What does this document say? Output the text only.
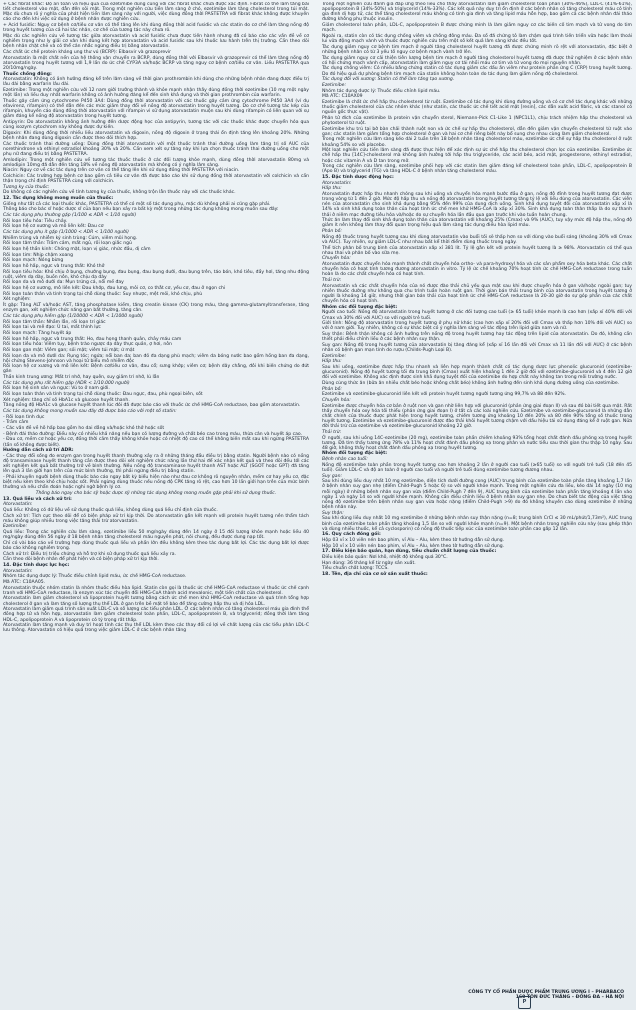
+ Các fibrat khác: Độ an toàn và hiệu quả của ezetimibe dùng cùng với các fibrat khác chưa được xác định. Fibrat có thể làm tăng bài tiết cholesterol vào mật, dẫn đến sỏi mật. Trong một nghiên cứu tiền lâm sàng ở chó, ezetimibe làm tăng cholesterol trong túi mật. Mặc dù chưa rõ ý nghĩa của phát hiện tiền lâm sàng này với người, việc dùng đồng thời PASTETRA với fibrat khác không được khuyến cáo cho đến khi việc sử dụng ở bệnh nhân được nghiên cứu.

+ Acid fusidic: Nguy cơ bệnh cơ/tiêu cơ vân có thể tăng lên khi dùng đồng thời acid fusidic và các statin do cơ chế làm tăng nồng độ trong huyết tương của cả hai tác nhân, cơ chế của tương tác này chưa rõ.

Mặc dù các nghiên cứu về tương tác giữa atorvastatin và acid fusidic chưa được tiến hành nhưng đã có báo cáo các vấn đề về cơ nghiêm trọng như ly giải cơ vân khi dùng kết hợp atorvastatin và acid fusidic sau khi thuốc lưu hành trên thị trường. Cần theo dõi bệnh nhân chặt chẽ và có thể cân nhắc ngừng điều trị bằng atorvastatin.

Các chất ức chế protein kháng ung thư vú (BCRP): Elbasvir và grazoprevir

Atorvastatin là một chất nền của hệ thống vận chuyển ra BCRP, dùng đồng thời với Elbasvir và grazoprevir có thể làm tăng nồng độ atorvastatin trong huyết tương với 1,9 lần do ức chế CYP3A và/hoặc BCRP và tăng nguy cơ bệnh cơ/tiêu cơ vân. Liều PASTETRA qua 20/10mg/ngày.

Thuốc chống đông:

Atorvastatin: Không có ảnh hưởng đáng kể trên lâm sàng về thời gian prothrombin khi dùng cho những bệnh nhân đang được điều trị lâu dài bằng warfarin lâu dài.

Ezetimibe: Trong một nghiên cứu với 12 nam giới trưởng thành và khỏe mạnh nhận thấy dùng đồng thời ezetimibe (10 mg một ngày một lần) và liều duy nhất warfarin không có ảnh hưởng đáng kể đến sinh khả dụng và thời gian prothrombin của warfarin.

Thuốc gây cảm ứng cytochrome P450 3A4: Dùng đồng thời atorvastatin với các thuốc gây cảm ứng cytochrome P450 3A4 (ví dụ efavirenz, rifampin) có thể dẫn đến các mức giảm thay đổi về nồng độ atorvastatin trong huyết tương. Do cơ chế tương tác kép của rifampin, khuyến cáo dùng đồng thời atorvastatin với rifampin vì sử dụng atorvastatin muộn sau khi dùng rifampin có liên quan với sự giảm đáng kể nồng độ atorvastatin trong huyết tương.

Antipyrin: Do atorvastatin không ảnh hưởng đến dược động học của antipyrin, tương tác với các thuốc khác được chuyển hóa qua cùng isozym cytochrom này không được dự kiến.

Digoxin: Khi dùng đồng thời nhiều liều atorvastatin và digoxin, nồng độ digoxin ở trạng thái ổn định tăng lên khoảng 20%. Những bệnh nhân đang dùng digoxin cần được theo dõi thích hợp.

Các thuốc tránh thai đường uống: Dùng đồng thời atorvastatin với một thuốc tránh thai đường uống làm tăng trị số AUC của norethindrone và ethinyl estradiol khoảng 30% và 20%. Cần xem xét sự tăng này khi lựa chọn thuốc tránh thai đường uống cho một phụ nữ đang điều trị bằng PASTETRA.

Amlodipin: Trong một nghiên cứu về tương tác thuốc thuốc ở các đối tượng khỏe mạnh, dùng đồng thời atorvastatin 80mg và amlodipin 10mg đã dẫn đến tăng 18% về nồng độ atorvastatin mà không có ý nghĩa lâm sàng.

Niacin: Nguy cơ về các tác dụng trên cơ vân có thể tăng lên khi sử dụng đồng thời PASTETRA với niacin.

Colchicin: Các trường hợp bệnh cơ bao gồm cả tiêu cơ vân đã được báo cáo khi sử dụng đồng thời atorvastatin với colchicin và cần thận trọng chỉ định PASTETRA cùng với colchicin.

Tương kỵ của thuốc:

Do không có các nghiên cứu về tính tương kỵ của thuốc, không trộn lẫn thuốc này với các thuốc khác.

12. Tác dụng không mong muốn của thuốc:

Giống như tất cả các loại thuốc khác, PASTETRA có thể có một số tác dụng phụ, mặc dù không phải ai cũng gặp phải.

Thông báo cho bác sĩ hoặc dược sĩ của bạn nếu bạn xảy ra bất kỳ một trong những tác dụng không mong muốn sau đây:

Các tác dụng phụ thường gặp (1/100 ≤ ADR < 1/10 người)

Rối loạn tiêu hóa: Tiêu chảy.

Rối loạn hệ cơ xương và mô liên kết: Đau cơ

Các tác dụng phụ ít gặp (1/1000 < ADR < 1/100 người)

Nhiễm trùng và nhiễm ký sinh trùng: Cúm, viêm mũi họng.

Rối loạn tâm thần: Trầm cảm, mất ngủ, rối loạn giấc ngủ

Rối loạn hệ thần kinh: Chóng mặt, loạn vị giác, nhức đầu, dị cảm

Rối loạn tim: Nhịp chậm xoang

Rối loạn mạch: Nóng bừng

Rối loạn hô hấp, ngực và trung thất: Khó thở

Rối loạn tiêu hóa: Khó chịu ở bụng, chướng bụng, đau bụng, đau bụng dưới, đau bụng trên, táo bón, khó tiêu, đầy hơi, tăng nhu động ruột, viêm dạ dày, buồn nôn, khó chịu dạ dày

Rối loạn da và mô dưới da: Mụn trứng cá, nổi mề đay

Rối loạn hệ cơ xương, mô liên kết: Đau khớp, đau lưng, mỏi cơ, co thắt cơ, yếu cơ, đau ở ngọn chi

Rối loạn toàn thân và tình trạng tại chỗ dùng thuốc: Suy nhược, mệt mỏi, khó chịu, phù

Xét nghiệm:

Ít gặp: Tăng ALT và/hoặc AST, tăng phosphatase kiềm, tăng creatin kinase (CK) trong máu, tăng gamma-glutamyltransferase, tăng enzym gan, xét nghiệm chức năng gan bất thường, tăng cân.

Các tác dụng phụ hiếm gặp (1/10000 < ADR < 1/1000 người)

Rối loạn tâm thần: Nhầm lẫn, rối loạn trí giác

Rối loạn tai và mê đạo: Ù tai, mất thính lực

Rối loạn mạch: Tăng huyết áp

Rối loạn hô hấp, ngực và trung thất: Ho, đau họng thanh quản, chảy máu cam

Rối loạn tiêu hóa: Viêm tụy, bệnh trào ngược dạ dày thực quản, ợ hơi, nôn

Rối loạn gan mật: Viêm gan; sỏi mật; viêm túi mật; ứ mật

Rối loạn da và mô dưới da: Rụng tóc; ngứa; nổi ban da; ban đỏ đa dạng phù mạch; viêm da bóng nước bao gồm hồng ban đa dạng, hội chứng Stevens-Johnson và hoại tử biểu mô nhiễm độc

Rối loạn hệ cơ xương và mô liên kết: Bệnh cơ/tiêu cơ vân, đau cổ; sưng khớp; viêm cơ; bệnh dây chằng, đôi khi biến chứng do đứt gân

Thần kinh trung ương: Mất trí nhớ, hay quên, suy giảm trí nhớ, lú lẫn

Các tác dụng phụ rất hiếm gặp (ADR < 1/10.000 người)

Rối loạn hệ sinh sản và ngực: Vú to ở nam giới.

Rối loạn toàn thân và tình trạng tại chỗ dùng thuốc: Đau ngực, đau, phù ngoại biên, sốt

Xét nghiệm: tăng chỉ số HbA1c và glucose huyết thanh.

Tăng nồng độ HbA1c và glucose huyết thanh lúc đói đã được báo cáo với thuốc ức chế HMG-CoA reductase, bao gồm atorvastatin.

Các tác dụng không mong muốn sau đây đã được báo cáo với một số statin:

- Rối loạn tình dục

- Trầm cảm

- Các vấn đề về hô hấp bao gồm ho dai dẳng và/hoặc khó thở hoặc sốt

- Bệnh đái tháo đường: Điều này có nhiều khả năng nếu bạn có lượng đường và chất béo cao trong máu, thừa cân và huyết áp cao.

- Đau cơ, mềm cơ hoặc yếu cơ, đồng thời cảm thấy không khỏe hoặc có nhiệt độ cao có thể không biến mất sau khi ngừng PASTETRA (tần số không được biết).

Hướng dẫn cách xử trí ADR:

- Các thay đổi sống đo enzym gan trong huyết thanh thường xảy ra ở những tháng đầu điều trị bằng statin. Người bệnh nào có nồng độ transaminase huyết thanh tăng cần được theo dõi xét nghiệm chức năng lần thứ hai để xác nhận kết quả và theo dõi đều tới các xét nghiệm kết quả bất thường trở về bình thường. Nếu nồng độ transaminase huyết thanh AST hoặc ALT (SGOT hoặc GPT) đã tăng lên quá 3 lần giới hạn trên của mức bình thường, thì phải ngừng điều trị bằng statin.

- Phải khuyên người bệnh dùng thuốc báo cáo ngay bất kỳ biểu hiện nào như đau cơ không rõ nguyên nhân, mềm cơ hay yếu cơ, đặc biệt nếu kèm theo khó chịu hoặc sốt. Phải ngừng dùng thuốc nếu nồng độ CPK tăng rõ rệt, cao hơn 10 lần giới hạn trên của mức bình thường và nếu chẩn đoán hoặc nghi ngờ bệnh lý cơ.

Thông báo ngay cho bác sỹ hoặc dược sỹ những tác dụng không mong muốn gặp phải khi sử dụng thuốc.

13. Quá liều và cách xử trí:

Atorvastatin:

Quá liều: Không có dữ liệu về sử dụng thuốc quá liều, không dùng quá liều chỉ định của thuốc.

Cách xử trí: Tích cực theo dõi để có biện pháp xử trí kịp thời. Do atorvastatin gắn kết mạnh với protein huyết tương nên thẩm tách máu không giúp nhiều trong việc tăng thải trừ atorvastatin.

Ezetimibe:

Quá liều: Trong các nghiên cứu lâm sàng, ezetimibe liều 50 mg/ngày dùng đến 14 ngày ở 15 đối tượng khỏe mạnh hoặc liều 40 mg/ngày dùng đến 56 ngày ở 18 bệnh nhân tăng cholesterol máu nguyên phát, nói chung, đều được dung nạp tốt.

Chỉ có vài báo cáo về trường hợp dùng thuốc quá liều và phần lớn đều không kèm theo tác dụng bất lợi. Các tác dụng bất lợi được báo cáo không nghiêm trọng.

Cách xử trí: Điều trị triệu chứng và hỗ trợ khi sử dụng thuốc quá liều xảy ra.

Cần theo dõi bệnh nhân để phát hiện và có biện pháp xử trí kịp thời.

14. Đặc tính dược lực học:

Atorvastatin:

Nhóm tác dụng dược lý: Thuốc điều chỉnh lipid máu, ức chế HMG-CoA reductase.

Mã ATC: C10AA05.

Atorvastatin thuộc nhóm statin là nhóm thuốc điều hòa lipid. Statin còn gọi là thuốc ức chế HMG-CoA reductase vì thuốc ức chế cạnh tranh với HMG-CoA reductase, là enzym xúc tác chuyển đổi HMG-CoA thành acid mevalonic, một tiền chất của cholesterol.

Atorvastatin làm giảm cholesterol và lipoprotein huyết tương bằng cách ức chế men khử HMG-CoA reductase và quá trình tổng hợp cholesterol ở gan và làm tăng số lượng thụ thể LDL ở gan trên bề mặt tế bào để tăng cường hấp thu và dị hóa LDL.

Atorvastatin làm giảm quá trình sản xuất LDL-C và số lượng các tiểu phân LDL. Ở các bệnh nhân có tăng cholesterol máu gia đình thể đồng hợp tử và hỗn hợp, atorvastatin làm giảm cholesterol toàn phần, LDL-C, apolipoprotein B, và triglycerid; đồng thời làm tăng HDL-C, apolipoprotein A và lipoprotein có tỷ trọng rất thấp.

Atorvastatin làm tăng mạnh và duy trì hoạt tính các thụ thể LDL kèm theo các thay đổi có lợi về chất lượng của các tiểu phân LDL-C lưu thông. Atorvastatin có hiệu quả trong việc giảm LDL-C ở các bệnh nhân tăng

Trong một nghiên cứu đánh giá đáp ứng theo liều cho thấy atorvastatin làm giảm cholesterol toàn phần (30%-46%), LDL-C (41%-61%), apolipoprotein B (34%-50%) và triglycerid (14%-33%). Các kết quả này duy trì ổn định ở các bệnh nhân có tăng cholesterol máu có tính gia đình dị hợp tử, các thể tăng cholesterol máu không có tính gia đình và tăng lipid máu hỗn hợp, bao gồm cả các bệnh nhân đái tháo đường không phụ thuộc insulin.

Giảm cholesterol toàn phần, LDL-C, apolipoprotein B được chứng minh là làm giảm nguy cơ các biến cố tim mạch và tử vong do tim mạch.

Ngoài ra, statin còn có tác dụng chống viêm và chống đông máu. Đa số đã chứng tỏ làm chậm quá trình tiến triển vữa hoặc làm thoái lui vữa động mạch vành và thuốc được nghiên cứu trên một số kết quả lâm sàng khác đều tốt.

Tác dụng giảm nguy cơ bệnh tim mạch ở người tăng cholesterol huyết tương đã được chứng minh rõ rệt với atorvastatin, đặc biệt ở những bệnh nhân có từ 3 yếu tố nguy cơ bệnh mạch vành trở lên.

Tác dụng giảm nguy cơ cải thiện tiên lượng bệnh tim mạch ở người tăng cholesterol huyết tương đã được thử nghiệm ở các bệnh nhân có hội chứng mạch vành cấp, atorvastatin làm giảm nguy cơ tái nhồi máu cơ tim và tử vong do mọi nguyên nhân.

Tác dụng chống viêm: Có nhiều bằng chứng statin có tác dụng giảm các dấu ấn viêm như protein phản ứng C (CRP) trong huyết tương. Do đó hiệu quả dự phòng bệnh tim mạch của statin không hoàn toàn do tác dụng làm giảm nồng độ cholesterol.

Tác dụng đối với xương: Statin có thể làm tăng tạo xương.

Ezetimibe:

Nhóm tác dụng dược lý: Thuốc điều chỉnh lipid máu.

Mã ATC: C10AX09

Ezetimibe là chất ức chế hấp thu cholesterol từ ruột. Ezetimibe có tác dụng khi dùng đường uống và có cơ chế tác dụng khác với những thuốc giảm cholesterol của các nhóm khác (như statin, các thuốc ức chế tiết acid mật [resin], các dẫn xuất acid fibric, và các stanol có nguồn gốc thực vật).

Phân tử đích của ezetimibe là protein vận chuyển sterol, Niemann-Pick C1-Like 1 (NPC1L1), chịu trách nhiệm hấp thu cholesterol và phytosterol từ ruột.

Ezetimibe khu trú tại bờ bàn chải thành ruột non và ức chế sự hấp thu cholesterol, dẫn đến giảm vận chuyển cholesterol từ ruột vào gan; các statin làm giảm tổng hợp cholesterol ở gan và hai cơ chế riêng biệt này bổ sung cho nhau cùng làm giảm cholesterol.

Trong một nghiên cứu lâm sàng kéo dài 2 tuần trên 18 bệnh nhân tăng cholesterol máu, ezetimibe ức chế sự hấp thu cholesterol ở ruột khoảng 54% so với placebo.

Một loạt nghiên cứu tiền lâm sàng đã được thực hiện để xác định sự ức chế hấp thu cholesterol chọn lọc của ezetimibe. Ezetimibe ức chế hấp thu [14C]-cholesterol mà không ảnh hưởng tới hấp thu triglyceride, các acid béo, acid mật, progesterone, ethinyl estradiol, hoặc các vitamin A và D tan trong mỡ.

Trong các nghiên cứu lâm sàng, ezetimibe phối hợp với các statin làm giảm đáng kể cholesterol toàn phần, LDL-C, apolipoprotein B (Apo B) và triglycerid (TG) và tăng HDL-C ở bệnh nhân tăng cholesterol máu.

15. Đặc tính dược động học:

Atorvastatin:

Hấp thu:

Atorvastatin được hấp thu nhanh chóng sau khi uống và chuyển hóa mạnh bước đầu ở gan, nồng độ đỉnh trong huyết tương đạt được trong vòng từ 1 đến 2 giờ. Mức độ hấp thu và nồng độ atorvastatin trong huyết tương tăng tỷ lệ với liều dùng của atorvastatin. Các viên nén của atorvastatin cho sinh khả dụng bằng 95% đến 99% của dung dịch uống. Sinh khả dụng tuyệt đối của atorvastatin xấp xỉ là 14% và sinh khả dụng toàn thân của hoạt tính ức chế men khử HMG-CoA là xấp xỉ 30%. Sinh khả dụng toàn thân thấp là do sự thanh thải ở niêm mạc đường tiêu hóa và/hoặc do sự chuyển hóa lần đầu qua gan trước khi vào tuần hoàn chung.

Thức ăn làm thay đổi sinh khả dụng toàn thân của atorvastatin với khoảng 25% (Cmax) và 9% (AUC), tuy vậy mức độ hấp thu, nồng độ giảm ít nên không làm thay đổi quan trọng hiệu quả lâm sàng tác dụng điều hòa lipid máu.

Phân bố:

Nồng độ thuốc trong huyết tương sau khi dùng atorvastatin vào buổi tối sẽ thấp hơn so với dùng vào buổi sáng (khoảng 30% với Cmax và AUC). Tuy nhiên, sự giảm LDL-C như nhau bất kể thời điểm dùng thuốc trong ngày.

Thể tích phân bố trung bình của atorvastatin xấp xỉ 381 lít. Tỷ lệ gắn kết với protein huyết tương là ≥ 98%. Atorvastatin có thể qua nhau thai và phân bố vào sữa mẹ.

Chuyển hóa:

Atorvastatin được chuyển hóa mạnh thành chất chuyển hóa ortho- và para-hydroxyl hóa và các sản phẩm oxy hóa beta khác. Các chất chuyển hóa có hoạt tính tương đương atorvastatin in vitro. Tỷ lệ ức chế khoảng 70% hoạt tính ức chế HMG-CoA reductase trong tuần hoàn là do các chất chuyển hóa có hoạt tính.

Thải trừ:

Atorvastatin và các chất chuyển hóa của nó được đào thải chủ yếu qua mật sau khi được chuyển hóa ở gan và/hoặc ngoài gan; tuy nhiên thuốc dường như không qua chu trình tuần hoàn ruột gan. Thời gian bán thải trung bình của atorvastatin trong huyết tương ở người là khoảng 14 giờ, nhưng thời gian bán thải của hoạt tính ức chế HMG-CoA reductase là 20-30 giờ do sự góp phần của các chất chuyển hóa có hoạt tính.

Nhóm các đối tượng đặc biệt:

Người cao tuổi: Nồng độ atorvastatin trong huyết tương ở các đối tượng cao tuổi (≥ 65 tuổi) khỏe mạnh là cao hơn (xấp xỉ 40% đối với Cmax và 30% đối với AUC) so với người trẻ tuổi.

Giới tính: Nồng độ atorvastatin trong huyết tương ở phụ nữ khác (cao hơn xấp xỉ 20% đối với Cmax và thấp hơn 10% đối với AUC) so với ở nam giới. Tuy nhiên, không có sự khác biệt có ý nghĩa lâm sàng về tác động trên lipid giữa nam và nữ.

Suy thận: Bệnh thận không có ảnh hưởng trên nồng độ trong huyết tương hay tác động trên lipid của atorvastatin. Do đó, không cần thiết phải điều chỉnh liều ở các bệnh nhân suy thận.

Suy gan: Nồng độ trong huyết tương của atorvastatin bị tăng đáng kể (xấp xỉ 16 lần đối với Cmax và 11 lần đối với AUC) ở các bệnh nhân có bệnh gan mạn tính do rượu (Childs-Pugh Loại B).

Ezetimibe:

Hấp thu:

Sau khi uống, ezetimibe được hấp thu nhanh và liên hợp mạnh thành chất có tác dụng dược lực phenolic glucuronid (ezetimibe-glucuronid). Nồng độ huyết tương tối đa trung bình (Cmax) xuất hiện khoảng 1 đến 2 giờ đối với ezetimibe-glucuronid và 4 đến 12 giờ đối với ezetimibe. Không xác định được sinh khả dụng tuyệt đối của ezetimibe do hợp chất này không tan trong môi trường nước.

Dùng cùng thức ăn (bữa ăn nhiều chất béo hoặc không chất béo) không ảnh hưởng đến sinh khả dụng đường uống của ezetimibe.

Phân bố:

Ezetimibe và ezetimibe-glucuronid liên kết với protein huyết tương người tương ứng 99,7% và 88 đến 92%.

Chuyển hóa:

Ezetimibe được chuyển hóa cơ bản ở ruột non và gan nhờ liên hợp với glucuronid (phản ứng giai đoạn II) và sau đó bài tiết qua mật. Rất thấy chuyển hóa oxy hóa tối thiểu (phản ứng giai đoạn I) ở tất cả các loài nghiên cứu. Ezetimibe và ezetimibe-glucuronid là những dẫn chất chính của thuốc được phát hiện trong huyết tương, chiếm tương ứng khoảng 10 đến 20% và 80 đến 90% tổng số thuốc trong huyết tương. Ezetimibe và ezetimibe-glucuronid được đào thải khỏi huyết tương chậm với dấu hiệu tái sử dụng đáng kể ở ruột gan. Nửa đời thải trừ của ezetimibe và ezetimibe-glucuronid khoảng 22 giờ.

Thải trừ:

Ở người, sau khi uống 14C-ezetimibe (20 mg), ezetimibe toàn phần chiếm khoảng 93% tổng hoạt chất đánh dấu phóng xạ trong huyết tương. Đã tìm thấy tương ứng 78% và 11% hoạt chất đánh dấu phóng xạ trong phân và nước tiểu sau thời gian thu thập 10 ngày. Sau 48 giờ, không thấy hoạt chất đánh dấu phóng xạ trong huyết tương.

Nhóm đối tượng đặc biệt:

Bệnh nhân cao tuổi:

Nồng độ ezetimibe toàn phần trong huyết tương cao hơn khoảng 2 lần ở người cao tuổi (≥65 tuổi) so với người trẻ tuổi (18 đến 45 tuổi). Giảm LDL-C và độ an toàn ở người cao tuổi và người trẻ tuổi dùng ezetimibe tương đương nhau.

Suy gan:

Sau khi dùng liều duy nhất 10 mg ezetimibe, diện tích dưới đường cong (AUC) trung bình của ezetimibe toàn phần tăng khoảng 1,7 lần ở bệnh nhân suy gan nhẹ (điểm Child-Pugh 5 hoặc 6) so với người khỏe mạnh. Trong một nghiên cứu đa liều, kéo dài 14 ngày (10 mg mỗi ngày) ở những bệnh nhân suy gan vừa (điểm Child-Pugh 7 đến 9), AUC trung bình của ezetimibe toàn phần tăng khoảng 4 lần vào ngày 1 và ngày 14 so với người khỏe mạnh. Không cần điều chỉnh liều ở bệnh nhân suy gan nhẹ. Do chưa biết tác động của việc tăng nồng độ ezetimibe trên bệnh nhân suy gan vừa hoặc nặng (điểm Child-Pugh >9) do đó không khuyến cáo dùng ezetimibe ở những bệnh nhân này.

Suy thận:

Sau khi dùng liều duy nhất 10 mg ezetimibe ở những bệnh nhân suy thận nặng (n=8; trung bình CrCl ≤ 30 mL/phút/1,73m²), AUC trung bình của ezetimibe toàn phần tăng khoảng 1,5 lần so với người khỏe mạnh (n=9). Một bệnh nhân trong nghiên cứu này (sau ghép thận và dùng nhiều thuốc, kể cả cyclosporin) có nồng độ thuốc tiếp xúc của ezetimibe toàn phần cao gấp 12 lần.

16. Quy cách đóng gói:

Hộp 03 vỉ x 10 viên nén bao phim, vỉ Alu – Alu, kèm theo tờ hướng dẫn sử dụng.

Hộp 10 vỉ x 10 viên nén bao phim, vỉ Alu – Alu, kèm theo tờ hướng dẫn sử dụng.

17. Điều kiện bảo quản, hạn dùng, tiêu chuẩn chất lượng của thuốc:

Điều kiện bảo quản: Nơi khô, nhiệt độ không quá 30°C.

Hạn dùng: 36 tháng kể từ ngày sản xuất.

Tiêu chuẩn chất lượng: TCCS.

18. Tên, địa chỉ của cơ sở sản xuất thuốc:

CÔNG TY CỔ PHẦN DƯỢC PHẨM TRUNG ƯƠNG I – PHARBACO
160 TÔN ĐỨC THẮNG – ĐỐNG ĐA – HÀ NỘI
P
